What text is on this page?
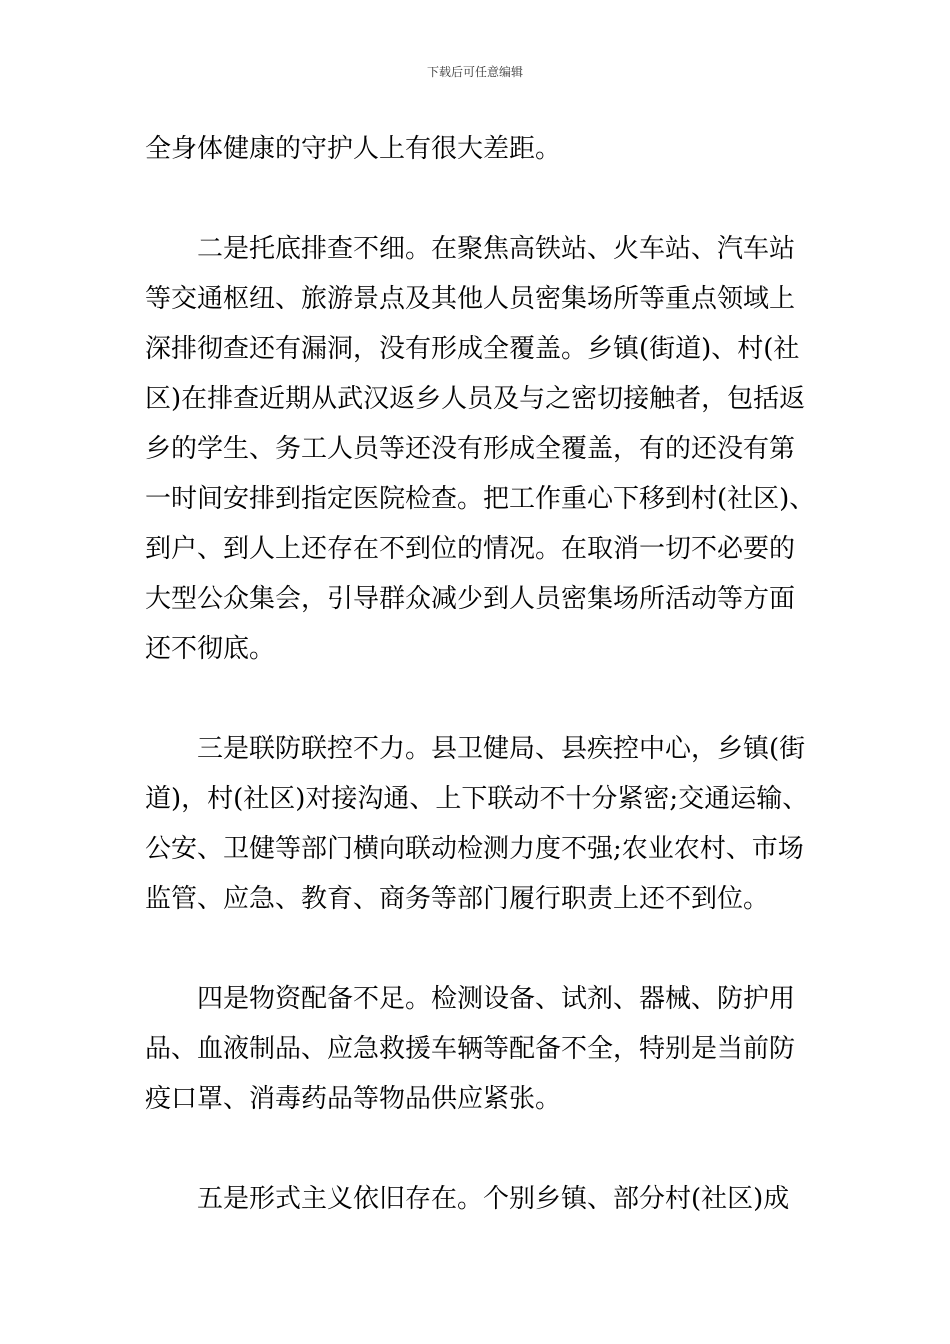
下载后可任意编辑
全身体健康的守护人上有很大差距。
　　二是托底排查不细。在聚焦高铁站、火车站、汽车站
等交通枢纽、旅游景点及其他人员密集场所等重点领域上
深排彻查还有漏洞，没有形成全覆盖。乡镇(街道)、村(社
区)在排查近期从武汉返乡人员及与之密切接触者，包括返
乡的学生、务工人员等还没有形成全覆盖，有的还没有第
一时间安排到指定医院检查。把工作重心下移到村(社区)、
到户、到人上还存在不到位的情况。在取消一切不必要的
大型公众集会，引导群众减少到人员密集场所活动等方面
还不彻底。
　　三是联防联控不力。县卫健局、县疾控中心，乡镇(街
道)，村(社区)对接沟通、上下联动不十分紧密;交通运输、
公安、卫健等部门横向联动检测力度不强;农业农村、市场
监管、应急、教育、商务等部门履行职责上还不到位。
　　四是物资配备不足。检测设备、试剂、器械、防护用
品、血液制品、应急救援车辆等配备不全，特别是当前防
疫口罩、消毒药品等物品供应紧张。
　　五是形式主义依旧存在。个别乡镇、部分村(社区)成
